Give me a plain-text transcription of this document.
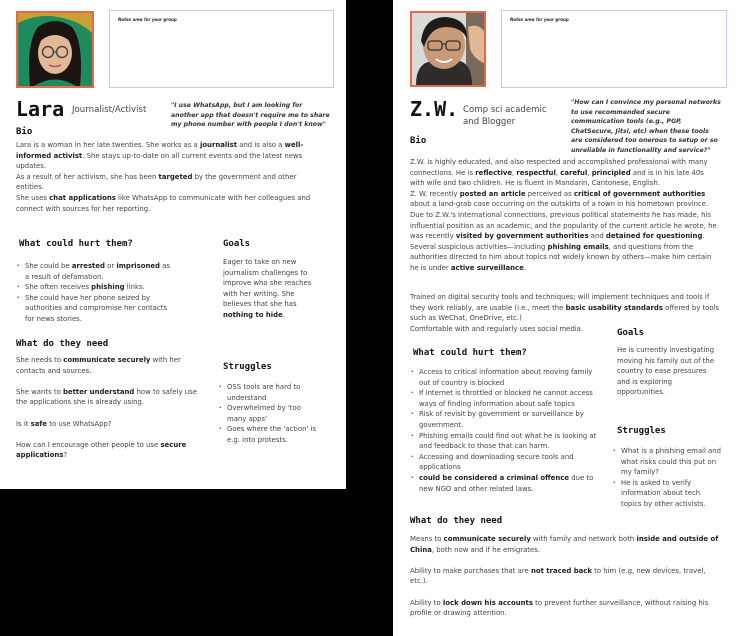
Notes area for your group
Lara Journalist/Activist	"I use WhatsApp, but I am looking for another app that doesn't require me to share my phone number with people I don't know"
Bio

Lara is a woman in her late twenties. She works as a journalist and is also a well-informed activist. She stays up-to-date on all current events and the latest news updates.

As a result of her activism, she has been targeted by the government and other entities.

She uses chat applications like WhatsApp to communicate with her colleagues and connect with sources for her reporting.

What could hurt them?
· She could be arrested or imprisoned as a result of defamation.
· She often receives phishing links.
· She could have her phone seized by authorities and compromise her contacts for news stories.
Goals

Eager to take on new journalism challenges to improve who she reaches with her writing. She believes that she has nothing to hide.

What do they need

She needs to communicate securely with her contacts and sources.

She wants to better understand how to safely use the applications she is already using.

Is it safe to use WhatsApp?

How can I encourage other people to use secure applications?

Struggles
· OSS tools are hard to understand
· Overwhelmed by 'too many apps'
· Goes where the 'action' is e.g. into protests.
Notes area for your group
Z.W. Comp sci academic and Blogger
"How can I convince my personal networks to use recommended secure communication tools (e.g., PGP, ChatSecure, Jitsi, etc) when these tools are considered too onerous to setup or so unreliable in functionality and service?"
Bio

Z.W. is highly educated, and also respected and accomplished professional with many connections. He is reflective, respectful, careful, principled and is in his late 40s with wife and two children. He is fluent in Mandarin, Cantonese, English.

Z. W. recently posted an article perceived as critical of government authorities about a land-grab case occurring on the outskirts of a town in his hometown province. Due to Z.W.'s international connections, previous political statements he has made, his influential position as an academic, and the popularity of the current article he wrote, he was recently visited by government authorities and detained for questioning. Several suspicious activities—including phishing emails, and questions from the authorities directed to him about topics not widely known by others—make him certain he is under active surveillance.

Trained on digital security tools and techniques; will implement techniques and tools if they work reliably, are usable (i.e., meet the basic usability standards offered by tools such as WeChat, OneDrive, etc.)

Comfortable with and regularly uses social media.

What could hurt them?
· Access to critical information about moving family out of country is blocked
· If internet is throttled or blocked he cannot access ways of finding information about safe topics
· Risk of revisit by government or surveillance by government.
· Phishing emails could find out what he is looking at and feedback to those that can harm.
· Accessing and downloading secure tools and applications
· could be considered a criminal offence due to new NGO and other related laws.
Goals

He is currently investigating moving his family out of the country to ease pressures and is exploring opportunities.

Struggles
· What is a phishing email and what risks could this put on my family?
· He is asked to verify information about tech topics by other activists.
What do they need

Means to communicate securely with family and network both inside and outside of China, both now and if he emigrates.

Ability to make purchases that are not traced back to him (e.g, new devices, travel, etc.).

Ability to lock down his accounts to prevent further surveillance, without raising his profile or drawing attention.
